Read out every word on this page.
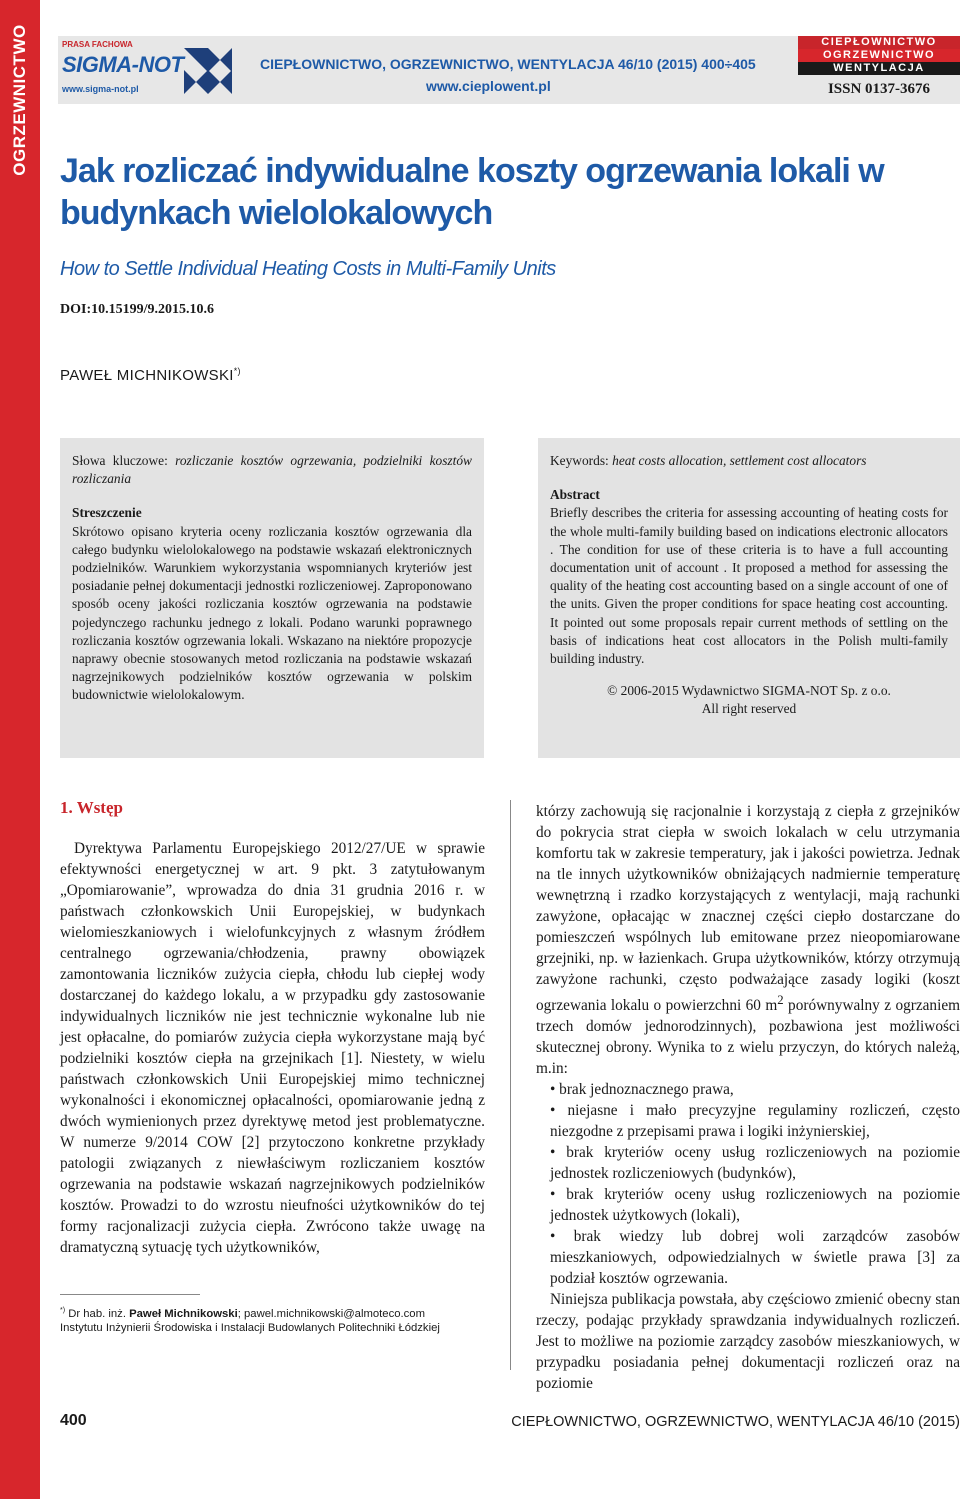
OGRZEWNICTWO	PRASA FACHOWA
SIGMA-NOT
www.sigma-not.pl
CIEPŁOWNICTWO, OGRZEWNICTWO, WENTYLACJA 46/10 (2015) 400÷405
www.cieplowent.pl
CIEPŁOWNICTWO
OGRZEWNICTWO
WENTYLACJA
ISSN 0137-3676
Jak rozliczać indywidualne koszty ogrzewania lokali w budynkach wielolokalowych
How to Settle Individual Heating Costs in Multi-Family Units
DOI:10.15199/9.2015.10.6
PAWEŁ MICHNIKOWSKI*)
Słowa kluczowe: rozliczanie kosztów ogrzewania, podzielniki kosztów rozliczania
Streszczenie
Skrótowo opisano kryteria oceny rozliczania kosztów ogrzewania dla całego budynku wielolokalowego na podstawie wskazań elektronicznych podzielników. Warunkiem wykorzystania wspomnianych kryteriów jest posiadanie pełnej dokumentacji jednostki rozliczeniowej. Zaproponowano sposób oceny jakości rozliczania kosztów ogrzewania na podstawie pojedynczego rachunku jednego z lokali. Podano warunki poprawnego rozliczania kosztów ogrzewania lokali. Wskazano na niektóre propozycje naprawy obecnie stosowanych metod rozliczania na podstawie wskazań nagrzejnikowych podzielników kosztów ogrzewania w polskim budownictwie wielolokalowym.
Keywords: heat costs allocation, settlement cost allocators
Abstract
Briefly describes the criteria for assessing accounting of heating costs for the whole multi-family building based on indications electronic allocators . The condition for use of these criteria is to have a full accounting documentation unit of account . It proposed a method for assessing the quality of the heating cost accounting based on a single account of one of the units. Given the proper conditions for space heating cost accounting. It pointed out some proposals repair current methods of settling on the basis of indications heat cost allocators in the Polish multi-family building industry.
© 2006-2015 Wydawnictwo SIGMA-NOT Sp. z o.o.
All right reserved
1. Wstęp
Dyrektywa Parlamentu Europejskiego 2012/27/UE w sprawie efektywności energetycznej w art. 9 pkt. 3 zatytułowanym „Opomiarowanie”, wprowadza do dnia 31 grudnia 2016 r. w państwach członkowskich Unii Europejskiej, w budynkach wielomieszkaniowych i wielofunkcyjnych z własnym źródłem centralnego ogrzewania/chłodzenia, prawny obowiązek zamontowania liczników zużycia ciepła, chłodu lub ciepłej wody dostarczanej do każdego lokalu, a w przypadku gdy zastosowanie indywidualnych liczników nie jest technicznie wykonalne lub nie jest opłacalne, do pomiarów zużycia ciepła wykorzystane mają być podzielniki kosztów ciepła na grzejnikach [1]. Niestety, w wielu państwach członkowskich Unii Europejskiej mimo technicznej wykonalności i ekonomicznej opłacalności, opomiarowanie jedną z dwóch wymienionych przez dyrektywę metod jest problematyczne. W numerze 9/2014 COW [2] przytoczono konkretne przykłady patologii związanych z niewłaściwym rozliczaniem kosztów ogrzewania na podstawie wskazań nagrzejnikowych podzielników kosztów. Prowadzi to do wzrostu nieufności użytkowników do tej formy racjonalizacji zużycia ciepła. Zwrócono także uwagę na dramatyczną sytuację tych użytkowników,

którzy zachowują się racjonalnie i korzystają z ciepła z grzejników do pokrycia strat ciepła w swoich lokalach w celu utrzymania komfortu tak w zakresie temperatury, jak i jakości powietrza. Jednak na tle innych użytkowników obniżających nadmiernie temperaturę wewnętrzną i rzadko korzystających z wentylacji, mają rachunki zawyżone, opłacając w znacznej części ciepło dostarczane do pomieszczeń wspólnych lub emitowane przez nieopomiarowane grzejniki, np. w łazienkach. Grupa użytkowników, którzy otrzymują zawyżone rachunki, często podważające zasady logiki (koszt ogrzewania lokalu o powierzchni 60 $m^2$ porównywalny z ogrzaniem trzech domów jednorodzinnych), pozbawiona jest możliwości skutecznej obrony. Wynika to z wielu przyczyn, do których należą, m.in:

• brak jednoznacznego prawa,
• niejasne i mało precyzyjne regulaminy rozliczeń, często niezgodne z przepisami prawa i logiki inżynierskiej,
• brak kryteriów oceny usług rozliczeniowych na poziomie jednostek rozliczeniowych (budynków),
• brak kryteriów oceny usług rozliczeniowych na poziomie jednostek użytkowych (lokali),
• brak wiedzy lub dobrej woli zarządców zasobów mieszkaniowych, odpowiedzialnych w świetle prawa [3] za podział kosztów ogrzewania.

Niniejsza publikacja powstała, aby częściowo zmienić obecny stan rzeczy, podając przykłady sprawdzania indywidualnych rozliczeń. Jest to możliwe na poziomie zarządcy zasobów mieszkaniowych, w przypadku posiadania pełnej dokumentacji rozliczeń oraz na poziomie

*) Dr hab. inż. Paweł Michnikowski; pawel.michnikowski@almoteco.com
Instytutu Inżynierii Środowiska i Instalacji Budowlanych Politechniki Łódzkiej
400	CIEPŁOWNICTWO, OGRZEWNICTWO, WENTYLACJA 46/10 (2015)
